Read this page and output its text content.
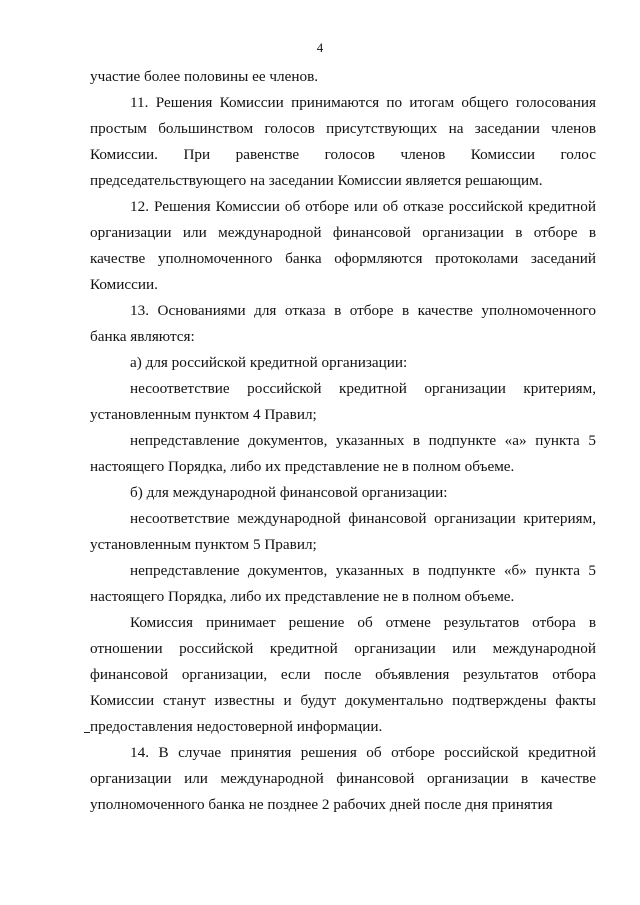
4

участие более половины ее членов.

11. Решения Комиссии принимаются по итогам общего голосования простым большинством голосов присутствующих на заседании членов Комиссии. При равенстве голосов членов Комиссии голос председательствующего на заседании Комиссии является решающим.

12. Решения Комиссии об отборе или об отказе российской кредитной организации или международной финансовой организации в отборе в качестве уполномоченного банка оформляются протоколами заседаний Комиссии.

13. Основаниями для отказа в отборе в качестве уполномоченного банка являются:

а) для российской кредитной организации:

несоответствие российской кредитной организации критериям, установленным пунктом 4 Правил;

непредставление документов, указанных в подпункте «а» пункта 5 настоящего Порядка, либо их представление не в полном объеме.

б) для международной финансовой организации:

несоответствие международной финансовой организации критериям, установленным пунктом 5 Правил;

непредставление документов, указанных в подпункте «б» пункта 5 настоящего Порядка, либо их представление не в полном объеме.

Комиссия принимает решение об отмене результатов отбора в отношении российской кредитной организации или международной финансовой организации, если после объявления результатов отбора Комиссии станут известны и будут документально подтверждены факты предоставления недостоверной информации.

14. В случае принятия решения об отборе российской кредитной организации или международной финансовой организации в качестве уполномоченного банка не позднее 2 рабочих дней после дня принятия
